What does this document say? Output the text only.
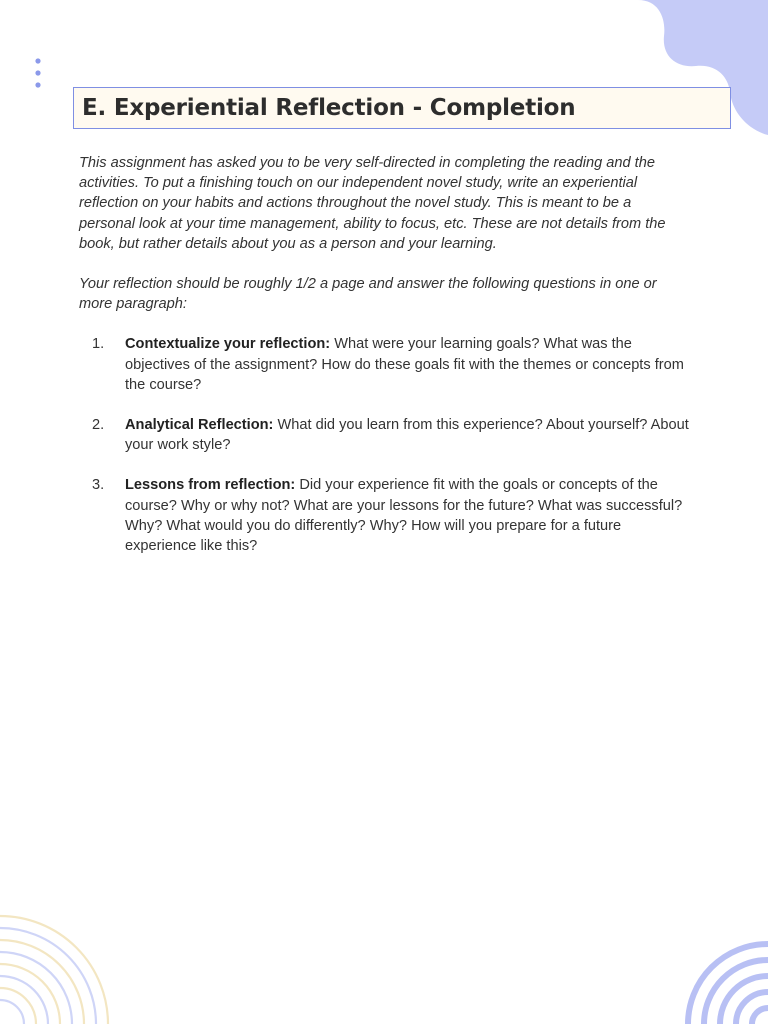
E. Experiential Reflection - Completion

This assignment has asked you to be very self-directed in completing the reading and the activities. To put a finishing touch on our independent novel study, write an experiential reflection on your habits and actions throughout the novel study. This is meant to be a personal look at your time management, ability to focus, etc. These are not details from the book, but rather details about you as a person and your learning.

Your reflection should be roughly 1/2 a page and answer the following questions in one or more paragraph:

1.	Contextualize your reflection: What were your learning goals? What was the objectives of the assignment? How do these goals fit with the themes or concepts from the course?
2.	Analytical Reflection: What did you learn from this experience? About yourself? About your work style?
3.	Lessons from reflection: Did your experience fit with the goals or concepts of the course? Why or why not? What are your lessons for the future? What was successful? Why? What would you do differently? Why? How will you prepare for a future experience like this?
